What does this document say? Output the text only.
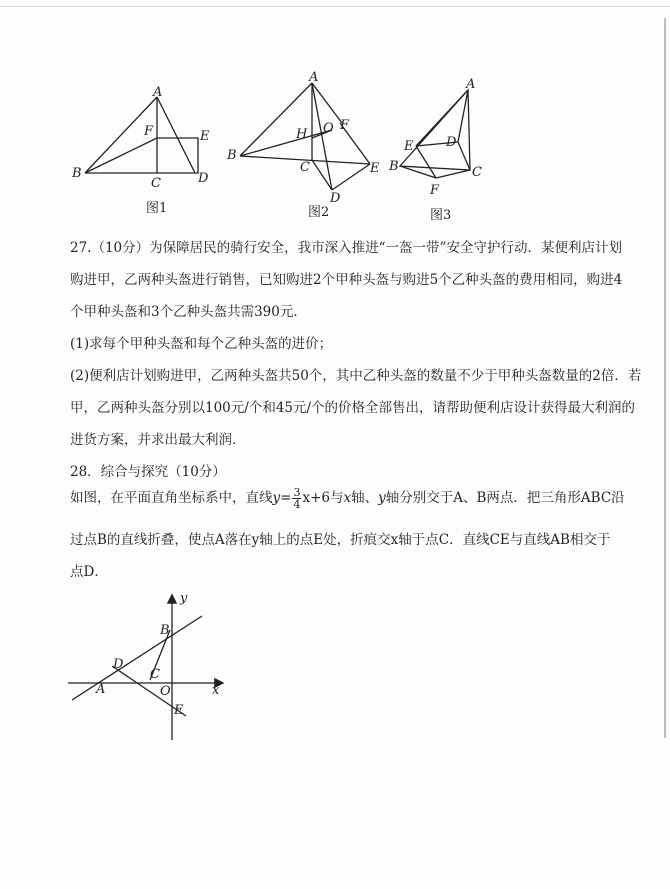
A
B
C	D
E
F
图1
A
B
C
D
E
F
H O
图2
A
B	C
D
E
F
图3
27.（10分）为保障居民的骑行安全，我市深入推进“一盔一带”安全守护行动．某便利店计划
购进甲，乙两种头盔进行销售，已知购进2个甲种头盔与购进5个乙种头盔的费用相同，购进4
个甲种头盔和3个乙种头盔共需390元．
(1)求每个甲种头盔和每个乙种头盔的进价；
(2)便利店计划购进甲，乙两种头盔共50个，其中乙种头盔的数量不少于甲种头盔数量的2倍．若
甲，乙两种头盔分别以100元/个和45元/个的价格全部售出，请帮助便利店设计获得最大利润的
进货方案，并求出最大利润．
28．综合与探究（10分）
如图，在平面直角坐标系中，直线$y= \frac{3}{4} x+6$与x轴、y轴分别交于A、B两点．把三角形ABC沿
过点B的直线折叠，使点A落在y轴上的点E处，折痕交x轴于点C．直线CE与直线AB相交于
点D．
y
x
A
B
C
D
O
E
